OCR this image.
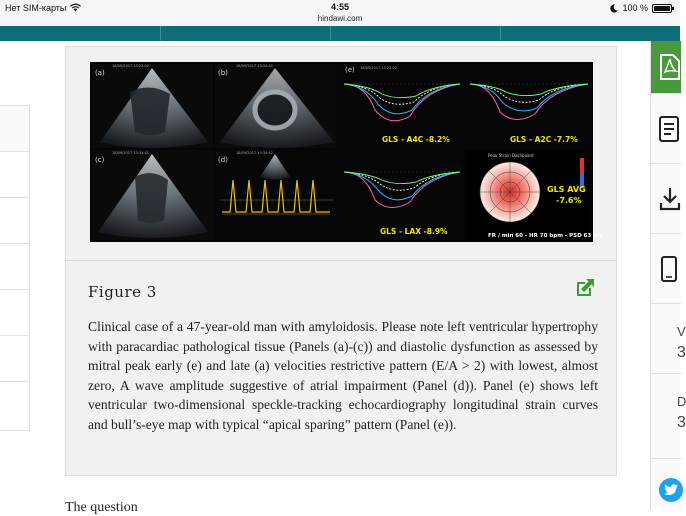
Нет SIM-карты	4:55
hindawi.com
100 %
(a)
18/09/2017 13:22:02
(b)
18/09/2017 13:34:41
(c)
18/09/2017 13:34:41
(d)
18/09/2017 13:34:42
(e) 18/09/2017 13:22:02
GLS - A4C -8.2%	GLS - A2C -7.7%
GLS - LAX -8.9%
Peak Strain Dashboard
GLS AVG
-7.6%
FR / min 60 - HR 70 bpm - PSD 63 ms
Figure 3
Clinical case of a 47-year-old man with amyloidosis. Please note left ventricular hypertrophy with paracardiac pathological tissue (Panels (a)-(c)) and diastolic dysfunction as assessed by mitral peak early (e) and late (a) velocities restrictive pattern (E/A > 2) with lowest, almost zero, A wave amplitude suggestive of atrial impairment (Panel (d)). Panel (e) shows left ventricular two-dimensional speckle-tracking echocardiography longitudinal strain curves and bull’s-eye map with typical “apical sparing” pattern (Panel (e)).
V
3
D
3
The question
